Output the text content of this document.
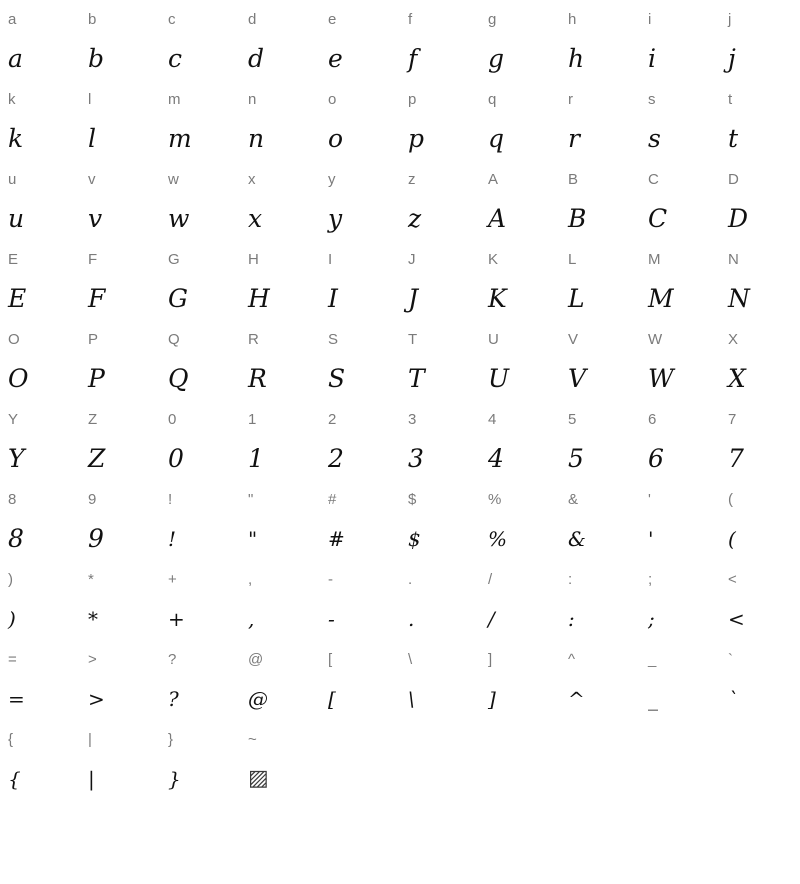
a
a
b
b
c
c
d
d
e
e
f
f
g
g
h
h
i
i
j
j
k
k
l
l
m
m
n
n
o
o
p
p
q
q
r
r
s
s
t
t
u
u
v
v
w
w
x
x
y
y
z
z
A
A
B
B
C
C
D
D
E
E
F
F
G
G
H
H
I
I
J
J
K
K
L
L
M
M
N
N
O
O
P
P
Q
Q
R
R
S
S
T
T
U
U
V
V
W
W
X
X
Y
Y
Z
Z
0
0
1
1
2
2
3
3
4
4
5
5
6
6
7
7
8
8
9
9
!
!
"
"
#
#
$
$
%
%
&
&
'
'
(
(
)
)
*
*
+
+
,
,
-
-
.
.
/
/
:
:
;
;
<
<
=
=
>
>
?
?
@
@
[
[
\
\
]
]
^
^
_
_
`
`
{
{
|
|
}
}
~
▨
